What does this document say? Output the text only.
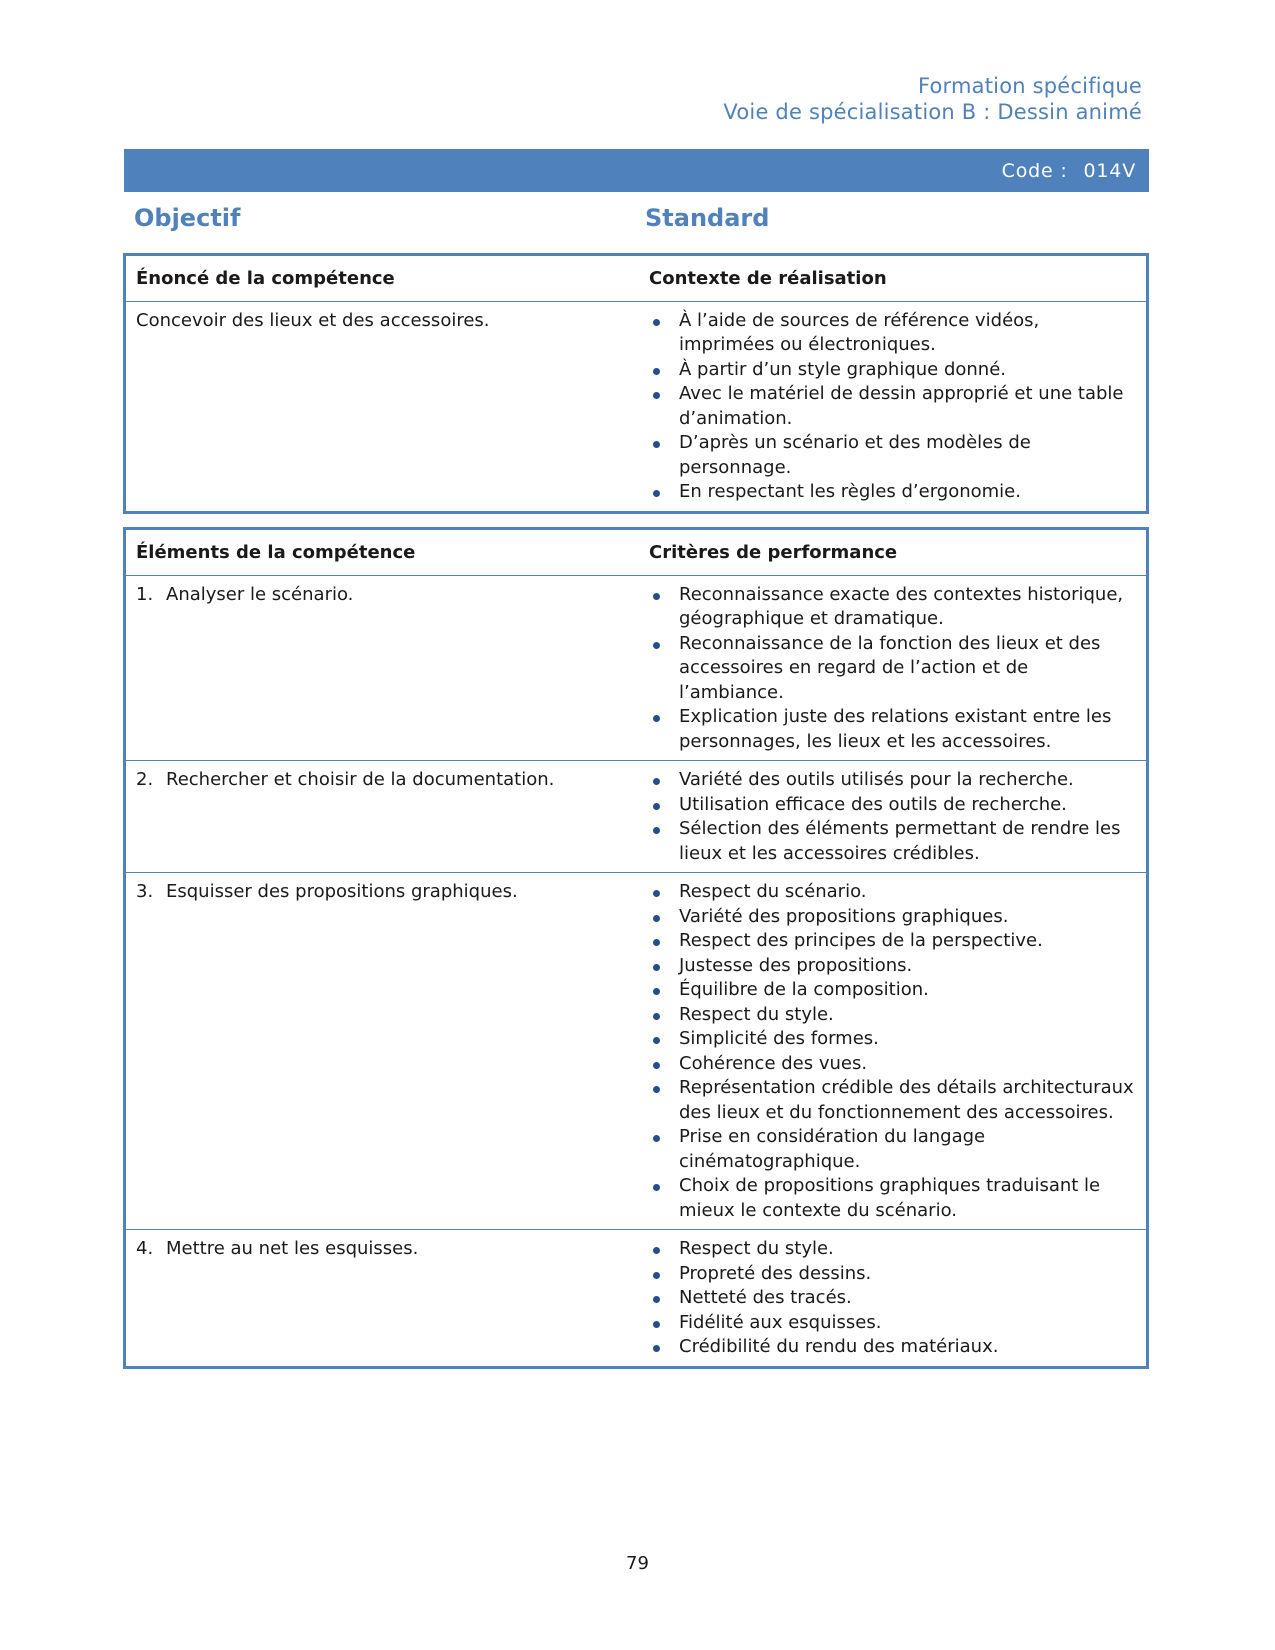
Formation spécifique
Voie de spécialisation B : Dessin animé
Code : 014V
Objectif	Standard
Énoncé de la compétence	Contexte de réalisation
Concevoir des lieux et des accessoires.	À l’aide de sources de référence vidéos, imprimées ou électroniques.
À partir d’un style graphique donné.
Avec le matériel de dessin approprié et une table d’animation.
D’après un scénario et des modèles de personnage.
En respectant les règles d’ergonomie.
Éléments de la compétence	Critères de performance
1. Analyser le scénario.	Reconnaissance exacte des contextes historique, géographique et dramatique.
Reconnaissance de la fonction des lieux et des accessoires en regard de l’action et de l’ambiance.
Explication juste des relations existant entre les personnages, les lieux et les accessoires.
2. Rechercher et choisir de la documentation.	Variété des outils utilisés pour la recherche.
Utilisation efficace des outils de recherche.
Sélection des éléments permettant de rendre les lieux et les accessoires crédibles.
3. Esquisser des propositions graphiques.	Respect du scénario.
Variété des propositions graphiques.
Respect des principes de la perspective.
Justesse des propositions.
Équilibre de la composition.
Respect du style.
Simplicité des formes.
Cohérence des vues.
Représentation crédible des détails architecturaux des lieux et du fonctionnement des accessoires.
Prise en considération du langage cinématographique.
Choix de propositions graphiques traduisant le mieux le contexte du scénario.
4. Mettre au net les esquisses.	Respect du style.
Propreté des dessins.
Netteté des tracés.
Fidélité aux esquisses.
Crédibilité du rendu des matériaux.
79
